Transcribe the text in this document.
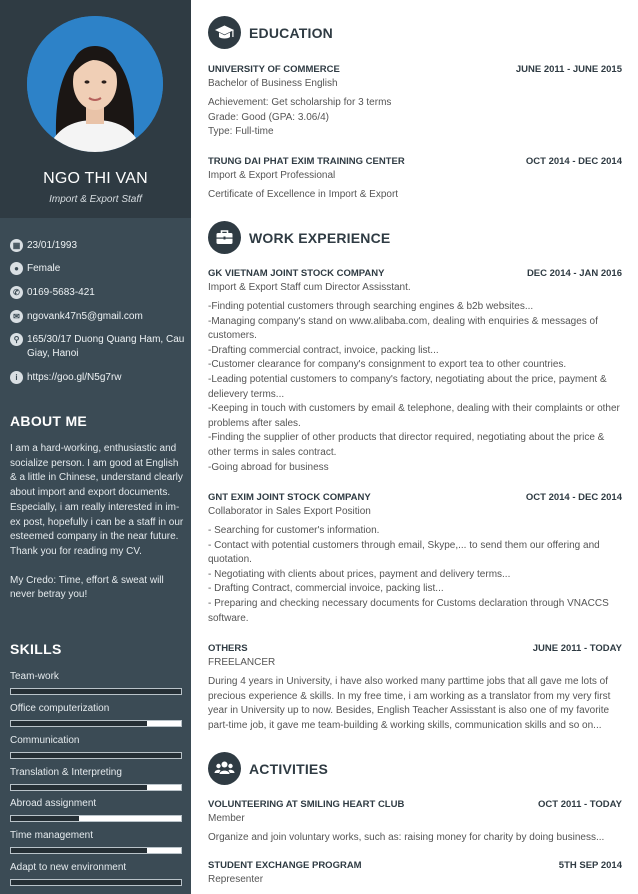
NGO THI VAN
Import & Export Staff
▦ 23/01/1993
● Female
✆ 0169-5683-421
✉ ngovank47n5@gmail.com
⚲ 165/30/17 Duong Quang Ham, Cau Giay, Hanoi
i https://goo.gl/N5g7rw
ABOUT ME

I am a hard-working, enthusiastic and socialize person. I am good at English & a little in Chinese, understand clearly about import and export documents. Especially, i am really interested in im-ex post, hopefully i can be a staff in our esteemed company in the near future. Thank you for reading my CV.

My Credo: Time, effort & sweat will never betray you!

SKILLS
Team-work
Office computerization
Communication
Translation & Interpreting
Abroad assignment
Time management
Adapt to new environment
EDUCATION
UNIVERSITY OF COMMERCE	JUNE 2011 - JUNE 2015
Bachelor of Business English
Achievement: Get scholarship for 3 terms
Grade: Good (GPA: 3.06/4)
Type: Full-time
TRUNG DAI PHAT EXIM TRAINING CENTER	OCT 2014 - DEC 2014
Import & Export Professional
Certificate of Excellence in Import & Export
WORK EXPERIENCE
GK VIETNAM JOINT STOCK COMPANY	DEC 2014 - JAN 2016
Import & Export Staff cum Director Assisstant.
-Finding potential customers through searching engines & b2b websites...
-Managing company's stand on www.alibaba.com, dealing with enquiries & messages of customers.
-Drafting commercial contract, invoice, packing list...
-Customer clearance for company's consignment to export tea to other countries.
-Leading potential customers to company's factory, negotiating about the price, payment & delievery terms...
-Keeping in touch with customers by email & telephone, dealing with their complaints or other problems after sales.
-Finding the supplier of other products that director required, negotiating about the price & other terms in sales contract.
-Going abroad for business
GNT EXIM JOINT STOCK COMPANY	OCT 2014 - DEC 2014
Collaborator in Sales Export Position
- Searching for customer's information.
- Contact with potential customers through email, Skype,... to send them our offering and quotation.
- Negotiating with clients about prices, payment and delivery terms...
- Drafting Contract, commercial invoice, packing list...
- Preparing and checking necessary documents for Customs declaration through VNACCS software.
OTHERS	JUNE 2011 - TODAY
FREELANCER
During 4 years in University, i have also worked many parttime jobs that all gave me lots of precious experience & skills. In my free time, i am working as a translator from my very first year in University up to now. Besides, English Teacher Assisstant is also one of my favorite part-time job, it gave me team-building & working skills, communication skills and so on...
ACTIVITIES
VOLUNTEERING AT SMILING HEART CLUB	OCT 2011 - TODAY
Member
Organize and join voluntary works, such as: raising money for charity by doing business...
STUDENT EXCHANGE PROGRAM	5TH SEP 2014
Representer
